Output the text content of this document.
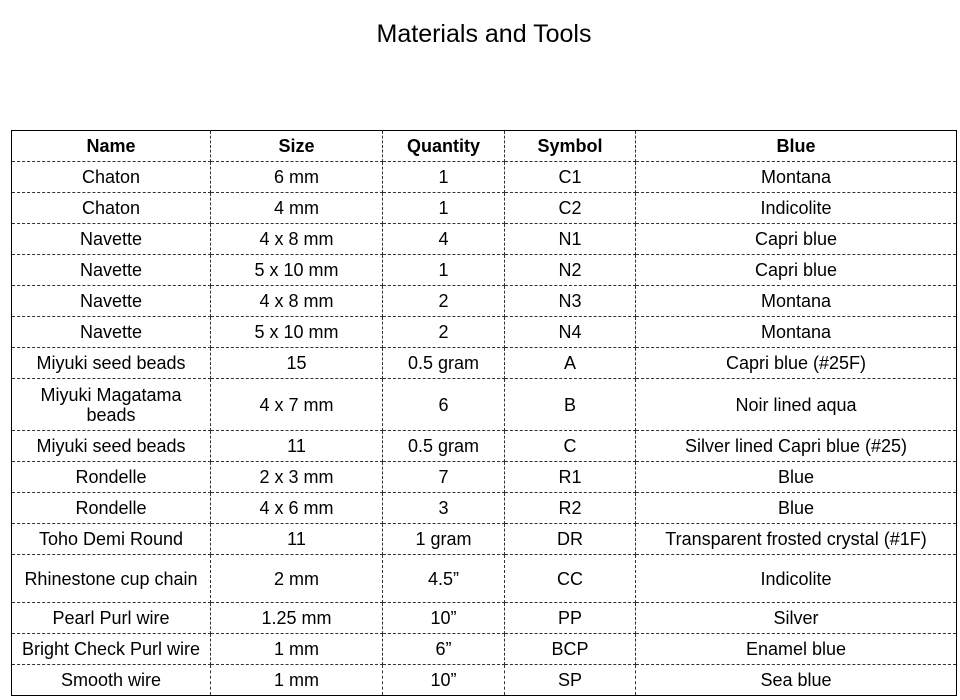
Materials and Tools
Name	Size	Quantity	Symbol	Blue
Chaton	6 mm	1	C1	Montana
Chaton	4 mm	1	C2	Indicolite
Navette	4 x 8 mm	4	N1	Capri blue
Navette	5 x 10 mm	1	N2	Capri blue
Navette	4 x 8 mm	2	N3	Montana
Navette	5 x 10 mm	2	N4	Montana
Miyuki seed beads	15	0.5 gram	A	Capri blue (#25F)
Miyuki Magatama beads	4 x 7 mm	6	B	Noir lined aqua
Miyuki seed beads	11	0.5 gram	C	Silver lined Capri blue (#25)
Rondelle	2 x 3 mm	7	R1	Blue
Rondelle	4 x 6 mm	3	R2	Blue
Toho Demi Round	11	1 gram	DR	Transparent frosted crystal (#1F)
Rhinestone cup chain	2 mm	4.5”	CC	Indicolite
Pearl Purl wire	1.25 mm	10”	PP	Silver
Bright Check Purl wire	1 mm	6”	BCP	Enamel blue
Smooth wire	1 mm	10”	SP	Sea blue
